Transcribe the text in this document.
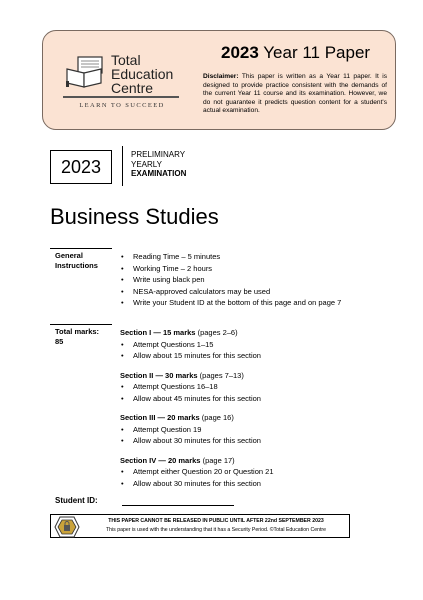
Total
Education
Centre
LEARN TO SUCCEED
2023 Year 11 Paper
Disclaimer: This paper is written as a Year 11 paper. It is designed to provide practice consistent with the demands of the current Year 11 course and its examination. However, we do not guarantee it predicts question content for a student's actual examination.
2023
PRELIMINARY
YEARLY
EXAMINATION
Business Studies
General
Instructions
• Reading Time – 5 minutes
• Working Time – 2 hours
• Write using black pen
• NESA-approved calculators may be used
• Write your Student ID at the bottom of this page and on page 7
Total marks:
85
Section I — 15 marks (pages 2–6)
• Attempt Questions 1–15
• Allow about 15 minutes for this section
Section II — 30 marks (pages 7–13)
• Attempt Questions 16–18
• Allow about 45 minutes for this section
Section III — 20 marks (page 16)
• Attempt Question 19
• Allow about 30 minutes for this section
Section IV — 20 marks (page 17)
• Attempt either Question 20 or Question 21
• Allow about 30 minutes for this section
Student ID:
THIS PAPER CANNOT BE RELEASED IN PUBLIC UNTIL AFTER 22nd SEPTEMBER 2023
This paper is used with the understanding that it has a Security Period. ©Total Education Centre
